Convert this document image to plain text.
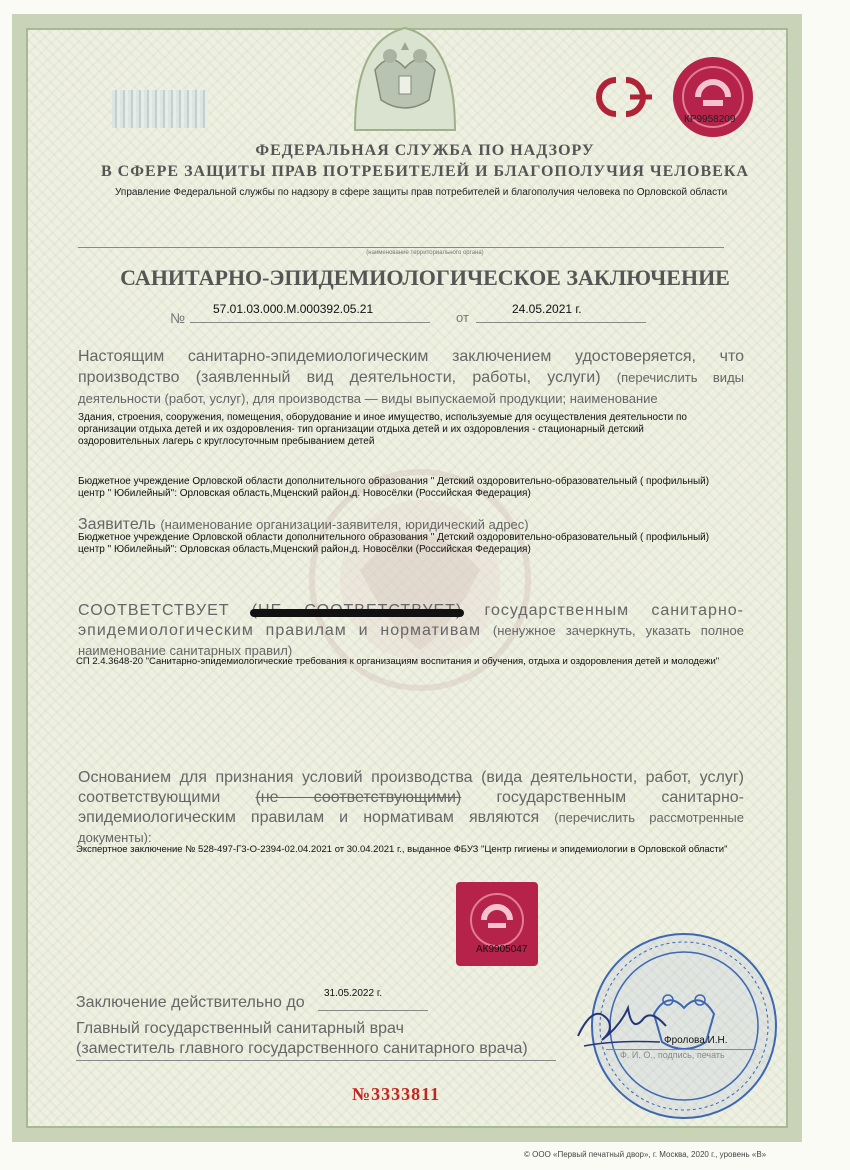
КР9958209
ФЕДЕРАЛЬНАЯ СЛУЖБА ПО НАДЗОРУ
В СФЕРЕ ЗАЩИТЫ ПРАВ ПОТРЕБИТЕЛЕЙ И БЛАГОПОЛУЧИЯ ЧЕЛОВЕКА
Управление Федеральной службы по надзору в сфере защиты прав потребителей и благополучия человека по Орловской области
(наименование территориального органа)
САНИТАРНО-ЭПИДЕМИОЛОГИЧЕСКОЕ ЗАКЛЮЧЕНИЕ
№
57.01.03.000.М.000392.05.21
от
24.05.2021 г.
Настоящим санитарно-эпидемиологическим заключением удостоверяется, что производство (заявленный вид деятельности, работы, услуги) (перечислить виды деятельности (работ, услуг), для производства — виды выпускаемой продукции; наименование
Здания, строения, сооружения, помещения, оборудование и иное имущество, используемые для осуществления деятельности по организации отдыха детей и их оздоровления- тип организации отдыха детей и их оздоровления - стационарный детский оздоровительных лагерь с круглосуточным пребыванием детей
Бюджетное учреждение Орловской области дополнительного образования " Детский оздоровительно-образовательный ( профильный) центр " Юбилейный": Орловская область,Мценский район,д. Новосёлки (Российская Федерация)
Заявитель (наименование организации-заявителя, юридический адрес)
Бюджетное учреждение Орловской области дополнительного образования " Детский оздоровительно-образовательный ( профильный) центр " Юбилейный": Орловская область,Мценский район,д. Новосёлки (Российская Федерация)
СООТВЕТСТВУЕТ	государственным санитарно-эпидемиологическим правилам и нормативам (ненужное зачеркнуть, указать полное наименование санитарных правил)
СП 2.4.3648-20 "Санитарно-эпидемиологические требования к организациям воспитания и обучения, отдыха и оздоровления детей и молодежи"
Основанием для признания условий производства (вида деятельности, работ, услуг) соответствующими (не соответствующими) государственным санитарно-эпидемиологическим правилам и нормативам являются (перечислить рассмотренные документы):
Экспертное заключение № 528-497-Г3-О-2394-02.04.2021 от 30.04.2021 г., выданное ФБУЗ "Центр гигиены и эпидемиологии в Орловской области"
АК9905047
Заключение действительно до
31.05.2022 г.
Главный государственный санитарный врач
(заместитель главного государственного санитарного врача)	Фролова И.Н.
Ф. И. О., подпись, печать
№3333811
© ООО «Первый печатный двор», г. Москва, 2020 г., уровень «В»
